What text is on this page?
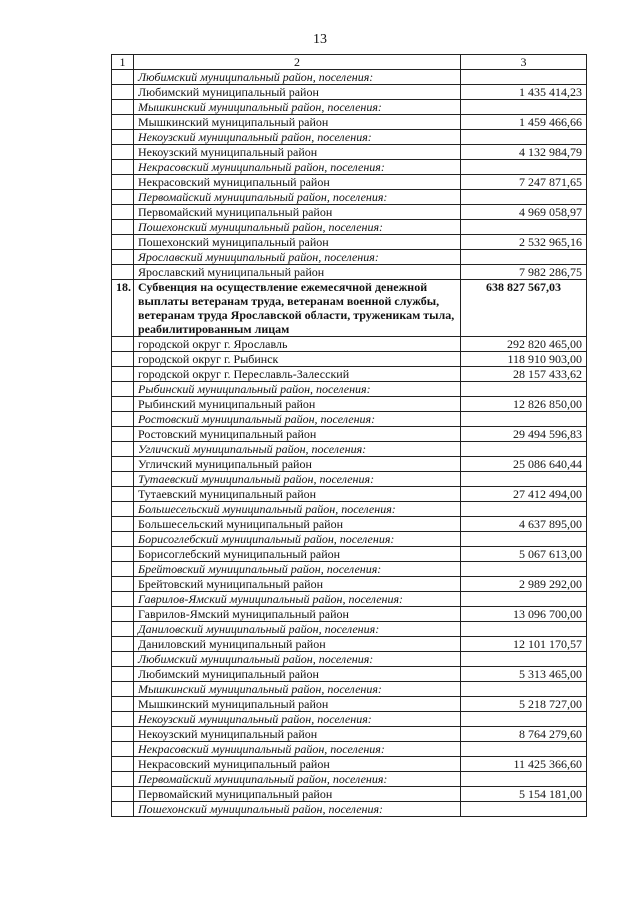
13
1	2	3
	Любимский муниципальный район, поселения:	
	Любимский муниципальный район	1 435 414,23
	Мышкинский муниципальный район, поселения:	
	Мышкинский муниципальный район	1 459 466,66
	Некоузский муниципальный район, поселения:	
	Некоузский муниципальный район	4 132 984,79
	Некрасовский муниципальный район, поселения:	
	Некрасовский муниципальный район	7 247 871,65
	Первомайский муниципальный район, поселения:	
	Первомайский муниципальный район	4 969 058,97
	Пошехонский муниципальный район, поселения:	
	Пошехонский муниципальный район	2 532 965,16
	Ярославский муниципальный район, поселения:	
	Ярославский муниципальный район	7 982 286,75
18.	Субвенция на осуществление ежемесячной денежной выплаты ветеранам труда, ветеранам военной службы, ветеранам труда Ярославской области, труженикам тыла, реабилитированным лицам	638 827 567,03
	городской округ г. Ярославль	292 820 465,00
	городской округ г. Рыбинск	118 910 903,00
	городской округ г. Переславль-Залесский	28 157 433,62
	Рыбинский муниципальный район, поселения:	
	Рыбинский муниципальный район	12 826 850,00
	Ростовский муниципальный район, поселения:	
	Ростовский муниципальный район	29 494 596,83
	Угличский муниципальный район, поселения:	
	Угличский муниципальный район	25 086 640,44
	Тутаевский муниципальный район, поселения:	
	Тутаевский муниципальный район	27 412 494,00
	Большесельский муниципальный район, поселения:	
	Большесельский муниципальный район	4 637 895,00
	Борисоглебский муниципальный район, поселения:	
	Борисоглебский муниципальный район	5 067 613,00
	Брейтовский муниципальный район, поселения:	
	Брейтовский муниципальный район	2 989 292,00
	Гаврилов-Ямский муниципальный район, поселения:	
	Гаврилов-Ямский муниципальный район	13 096 700,00
	Даниловский муниципальный район, поселения:	
	Даниловский муниципальный район	12 101 170,57
	Любимский муниципальный район, поселения:	
	Любимский муниципальный район	5 313 465,00
	Мышкинский муниципальный район, поселения:	
	Мышкинский муниципальный район	5 218 727,00
	Некоузский муниципальный район, поселения:	
	Некоузский муниципальный район	8 764 279,60
	Некрасовский муниципальный район, поселения:	
	Некрасовский муниципальный район	11 425 366,60
	Первомайский муниципальный район, поселения:	
	Первомайский муниципальный район	5 154 181,00
	Пошехонский муниципальный район, поселения:	
